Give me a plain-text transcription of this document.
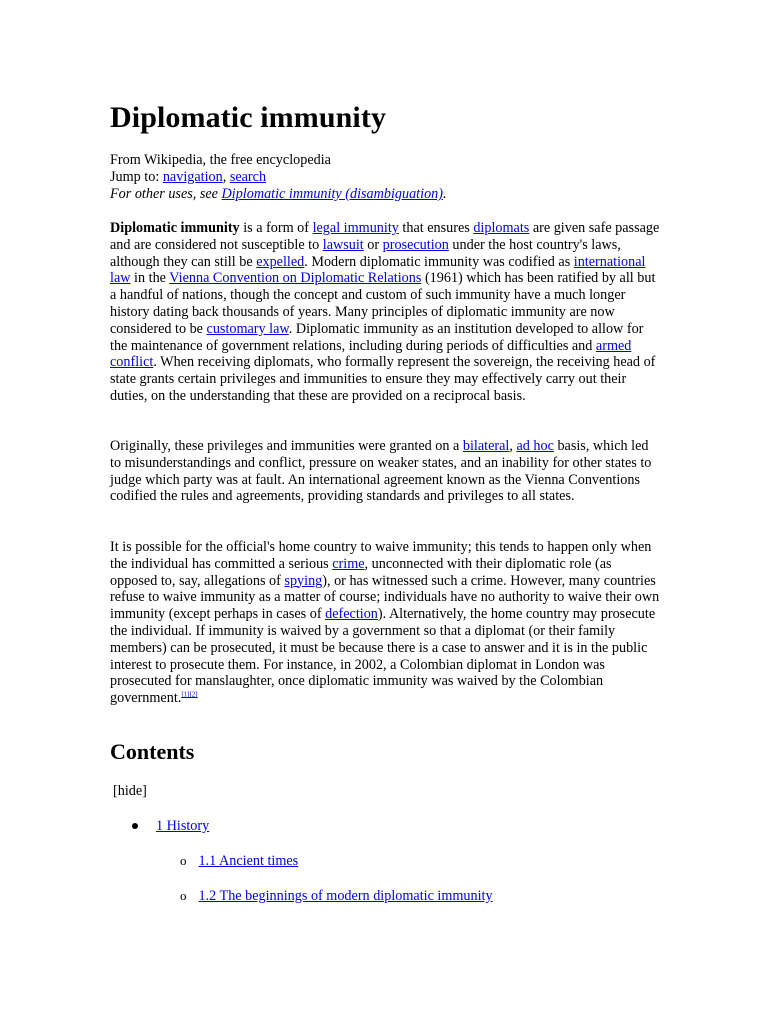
Diplomatic immunity
From Wikipedia, the free encyclopedia
Jump to: navigation, search
For other uses, see Diplomatic immunity (disambiguation).

Diplomatic immunity is a form of legal immunity that ensures diplomats are given safe passage and are considered not susceptible to lawsuit or prosecution under the host country's laws, although they can still be expelled. Modern diplomatic immunity was codified as international law in the Vienna Convention on Diplomatic Relations (1961) which has been ratified by all but a handful of nations, though the concept and custom of such immunity have a much longer history dating back thousands of years. Many principles of diplomatic immunity are now considered to be customary law. Diplomatic immunity as an institution developed to allow for the maintenance of government relations, including during periods of difficulties and armed conflict. When receiving diplomats, who formally represent the sovereign, the receiving head of state grants certain privileges and immunities to ensure they may effectively carry out their duties, on the understanding that these are provided on a reciprocal basis.

Originally, these privileges and immunities were granted on a bilateral, ad hoc basis, which led to misunderstandings and conflict, pressure on weaker states, and an inability for other states to judge which party was at fault. An international agreement known as the Vienna Conventions codified the rules and agreements, providing standards and privileges to all states.

It is possible for the official's home country to waive immunity; this tends to happen only when the individual has committed a serious crime, unconnected with their diplomatic role (as opposed to, say, allegations of spying), or has witnessed such a crime. However, many countries refuse to waive immunity as a matter of course; individuals have no authority to waive their own immunity (except perhaps in cases of defection). Alternatively, the home country may prosecute the individual. If immunity is waived by a government so that a diplomat (or their family members) can be prosecuted, it must be because there is a case to answer and it is in the public interest to prosecute them. For instance, in 2002, a Colombian diplomat in London was prosecuted for manslaughter, once diplomatic immunity was waived by the Colombian government.[1][2]

Contents
[hide]
1 History
o 1.1 Ancient times
o 1.2 The beginnings of modern diplomatic immunity
